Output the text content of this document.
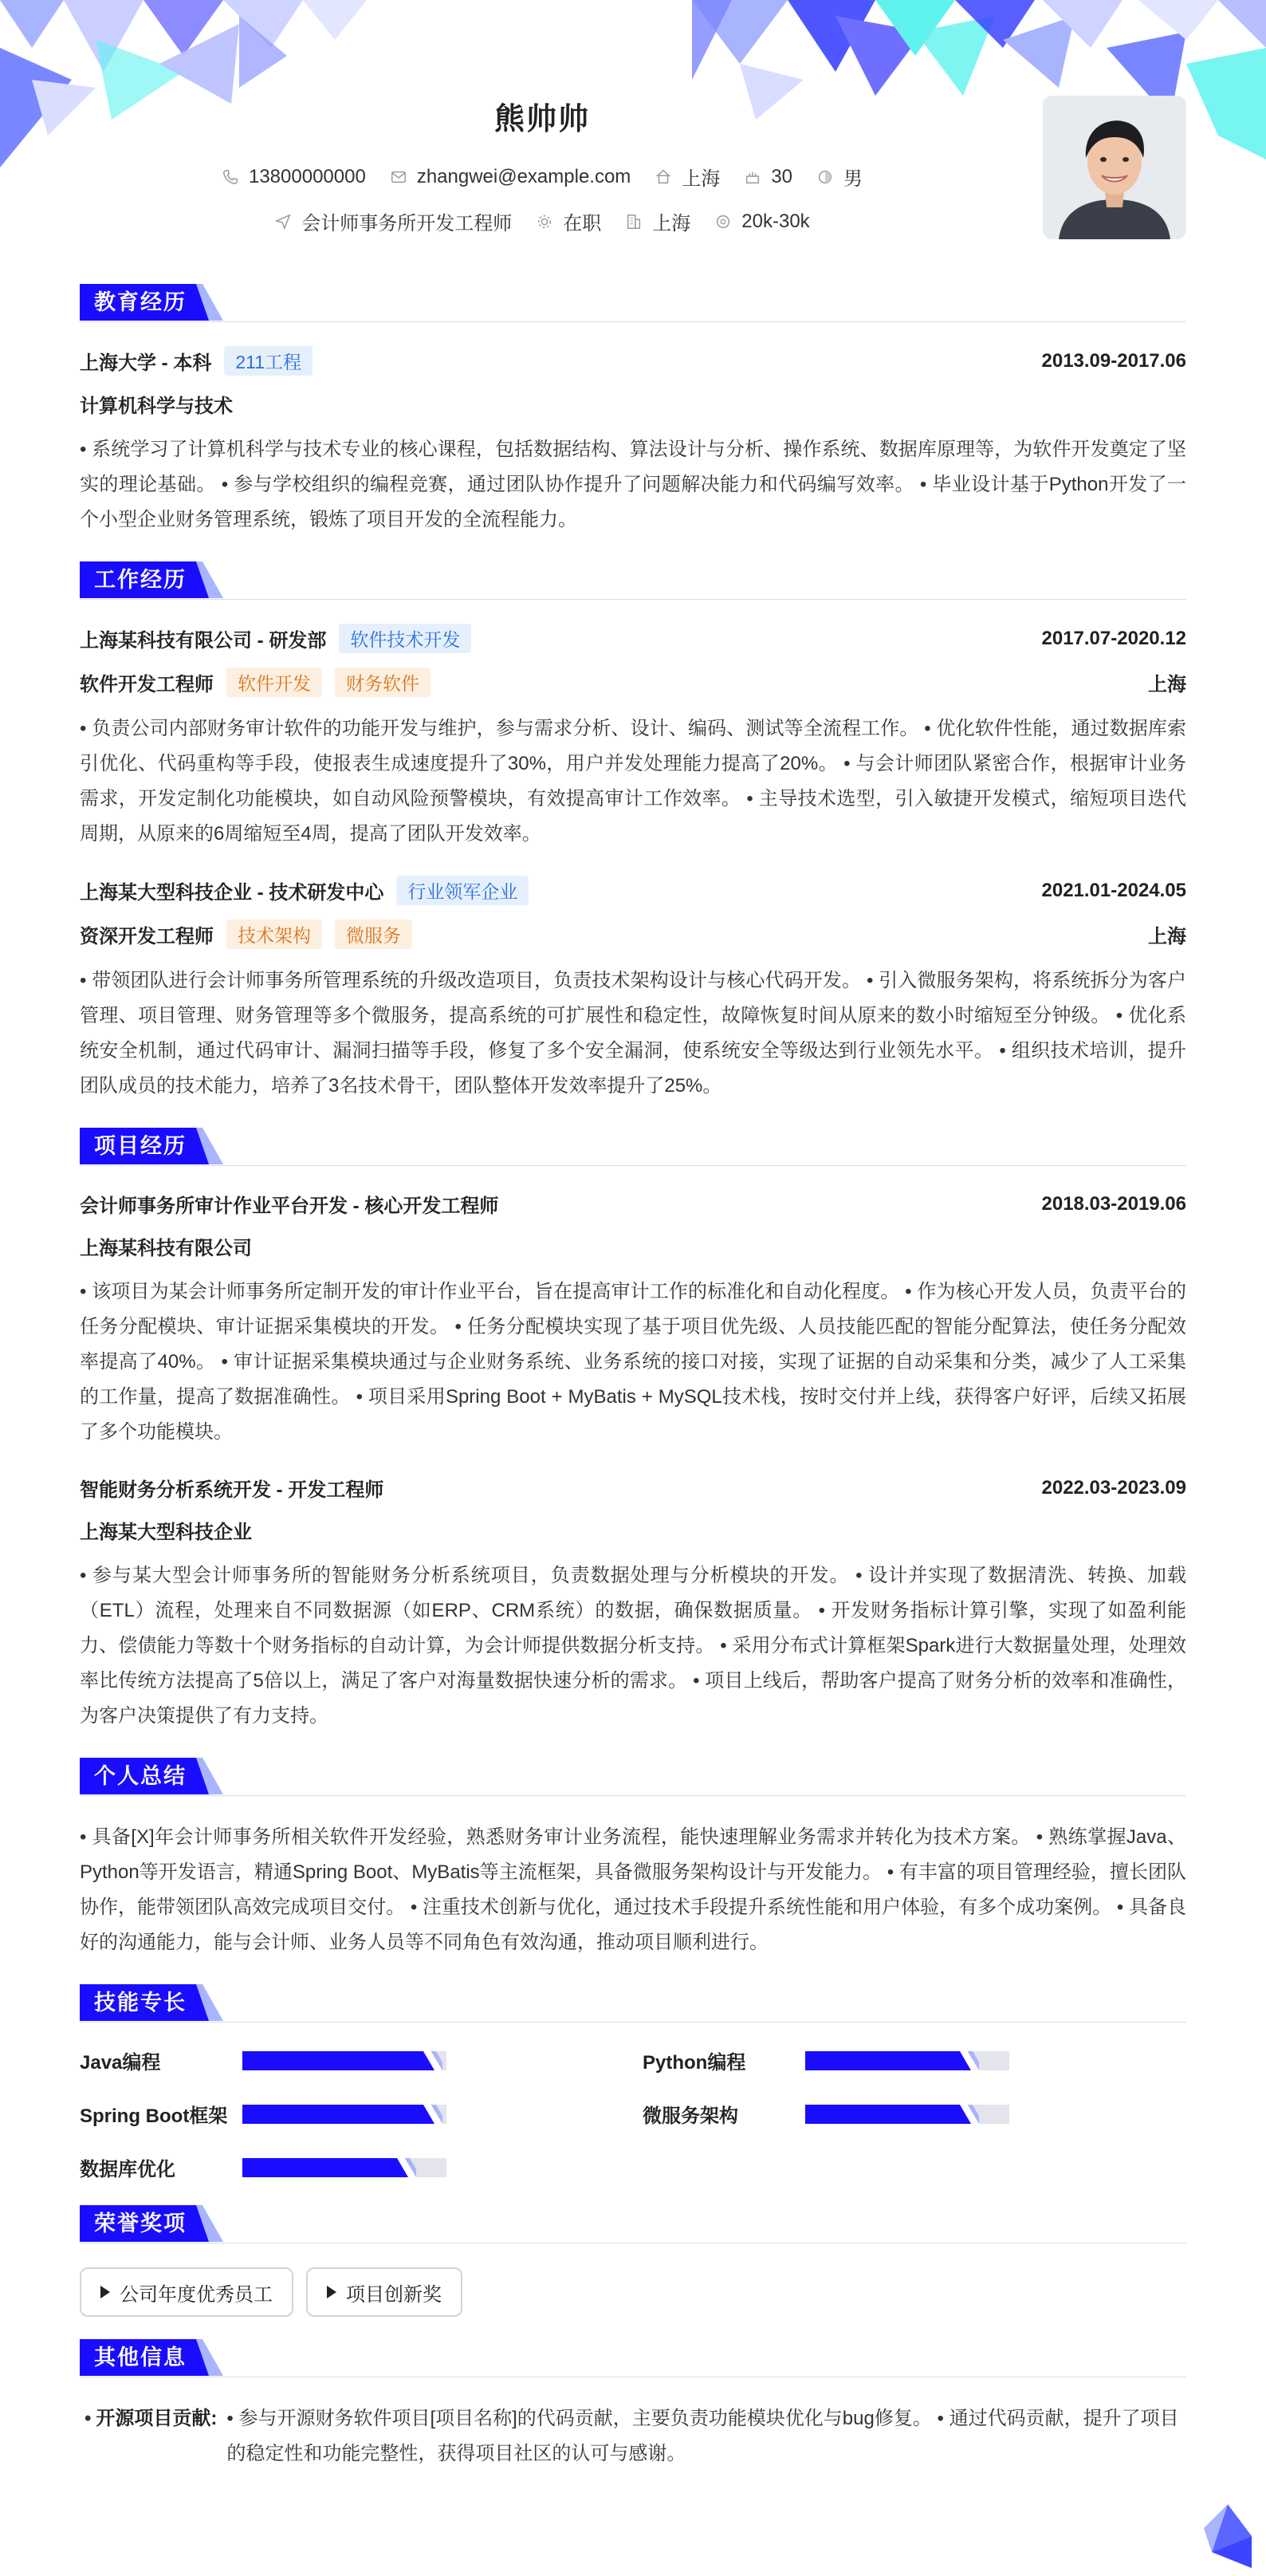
熊帅帅
13800000000	zhangwei@example.com	上海	30	男
会计师事务所开发工程师	在职	上海	20k-30k
教育经历
上海大学 - 本科	211工程	2013.09-2017.06
计算机科学与技术
• 系统学习了计算机科学与技术专业的核心课程，包括数据结构、算法设计与分析、操作系统、数据库原理等，为软件开发奠定了坚实的理论基础。 • 参与学校组织的编程竞赛，通过团队协作提升了问题解决能力和代码编写效率。 • 毕业设计基于Python开发了一个小型企业财务管理系统，锻炼了项目开发的全流程能力。
工作经历
上海某科技有限公司 - 研发部	软件技术开发	2017.07-2020.12
软件开发工程师	软件开发	财务软件	上海
• 负责公司内部财务审计软件的功能开发与维护，参与需求分析、设计、编码、测试等全流程工作。 • 优化软件性能，通过数据库索引优化、代码重构等手段，使报表生成速度提升了30%，用户并发处理能力提高了20%。 • 与会计师团队紧密合作，根据审计业务需求，开发定制化功能模块，如自动风险预警模块，有效提高审计工作效率。 • 主导技术选型，引入敏捷开发模式，缩短项目迭代周期，从原来的6周缩短至4周，提高了团队开发效率。
上海某大型科技企业 - 技术研发中心	行业领军企业	2021.01-2024.05
资深开发工程师	技术架构	微服务	上海
• 带领团队进行会计师事务所管理系统的升级改造项目，负责技术架构设计与核心代码开发。 • 引入微服务架构，将系统拆分为客户管理、项目管理、财务管理等多个微服务，提高系统的可扩展性和稳定性，故障恢复时间从原来的数小时缩短至分钟级。 • 优化系统安全机制，通过代码审计、漏洞扫描等手段，修复了多个安全漏洞，使系统安全等级达到行业领先水平。 • 组织技术培训，提升团队成员的技术能力，培养了3名技术骨干，团队整体开发效率提升了25%。
项目经历
会计师事务所审计作业平台开发 - 核心开发工程师	2018.03-2019.06
上海某科技有限公司
• 该项目为某会计师事务所定制开发的审计作业平台，旨在提高审计工作的标准化和自动化程度。 • 作为核心开发人员，负责平台的任务分配模块、审计证据采集模块的开发。 • 任务分配模块实现了基于项目优先级、人员技能匹配的智能分配算法，使任务分配效率提高了40%。 • 审计证据采集模块通过与企业财务系统、业务系统的接口对接，实现了证据的自动采集和分类，减少了人工采集的工作量，提高了数据准确性。 • 项目采用Spring Boot + MyBatis + MySQL技术栈，按时交付并上线，获得客户好评，后续又拓展了多个功能模块。
智能财务分析系统开发 - 开发工程师	2022.03-2023.09
上海某大型科技企业
• 参与某大型会计师事务所的智能财务分析系统项目，负责数据处理与分析模块的开发。 • 设计并实现了数据清洗、转换、加载（ETL）流程，处理来自不同数据源（如ERP、CRM系统）的数据，确保数据质量。 • 开发财务指标计算引擎，实现了如盈利能力、偿债能力等数十个财务指标的自动计算，为会计师提供数据分析支持。 • 采用分布式计算框架Spark进行大数据量处理，处理效率比传统方法提高了5倍以上，满足了客户对海量数据快速分析的需求。 • 项目上线后，帮助客户提高了财务分析的效率和准确性，为客户决策提供了有力支持。
个人总结
• 具备[X]年会计师事务所相关软件开发经验，熟悉财务审计业务流程，能快速理解业务需求并转化为技术方案。 • 熟练掌握Java、Python等开发语言，精通Spring Boot、MyBatis等主流框架，具备微服务架构设计与开发能力。 • 有丰富的项目管理经验，擅长团队协作，能带领团队高效完成项目交付。 • 注重技术创新与优化，通过技术手段提升系统性能和用户体验，有多个成功案例。 • 具备良好的沟通能力，能与会计师、业务人员等不同角色有效沟通，推动项目顺利进行。
技能专长
Java编程	Python编程
Spring Boot框架	微服务架构
数据库优化
荣誉奖项
公司年度优秀员工	项目创新奖
其他信息
• 开源项目贡献: • 参与开源财务软件项目[项目名称]的代码贡献，主要负责功能模块优化与bug修复。 • 通过代码贡献，提升了项目的稳定性和功能完整性，获得项目社区的认可与感谢。
